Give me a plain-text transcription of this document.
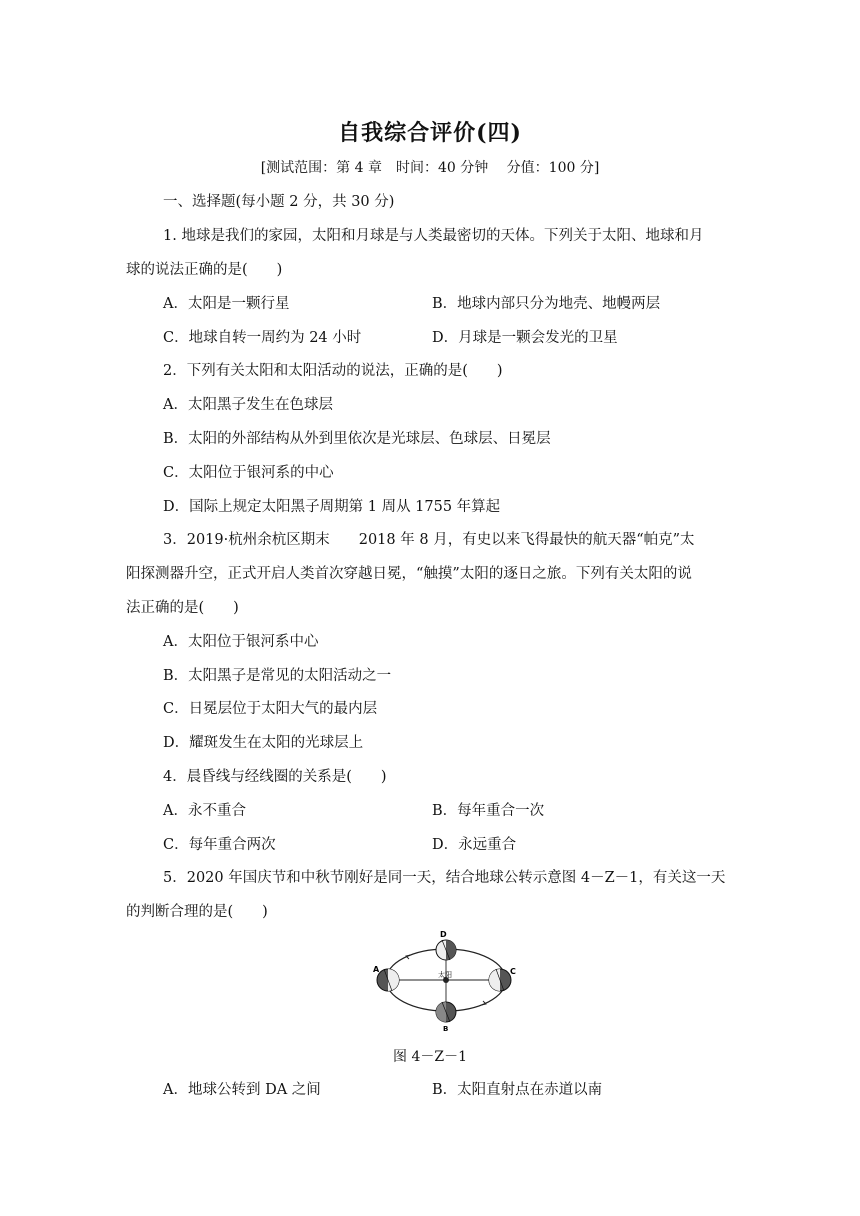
自我综合评价(四)
[测试范围：第 4 章　时间：40 分钟　 分值：100 分]
一、选择题(每小题 2 分，共 30 分)
1. 地球是我们的家园，太阳和月球是与人类最密切的天体。下列关于太阳、地球和月
球的说法正确的是(　　)
A．太阳是一颗行星	B．地球内部只分为地壳、地幔两层
C．地球自转一周约为 24 小时	D．月球是一颗会发光的卫星
2．下列有关太阳和太阳活动的说法，正确的是(　　)
A．太阳黑子发生在色球层
B．太阳的外部结构从外到里依次是光球层、色球层、日冕层
C．太阳位于银河系的中心
D．国际上规定太阳黑子周期第 1 周从 1755 年算起
3．2019·杭州余杭区期末　　2018 年 8 月，有史以来飞得最快的航天器“帕克”太
阳探测器升空，正式开启人类首次穿越日冕，“触摸”太阳的逐日之旅。下列有关太阳的说
法正确的是(　　)
A．太阳位于银河系中心
B．太阳黑子是常见的太阳活动之一
C．日冕层位于太阳大气的最内层
D．耀斑发生在太阳的光球层上
4．晨昏线与经线圈的关系是(　　)
A．永不重合	B．每年重合一次
C．每年重合两次	D．永远重合
5．2020 年国庆节和中秋节刚好是同一天，结合地球公转示意图 4－Z－1，有关这一天
的判断合理的是(　　)
太阳
A	C
D
B
图 4－Z－1
A．地球公转到 DA 之间	B．太阳直射点在赤道以南
